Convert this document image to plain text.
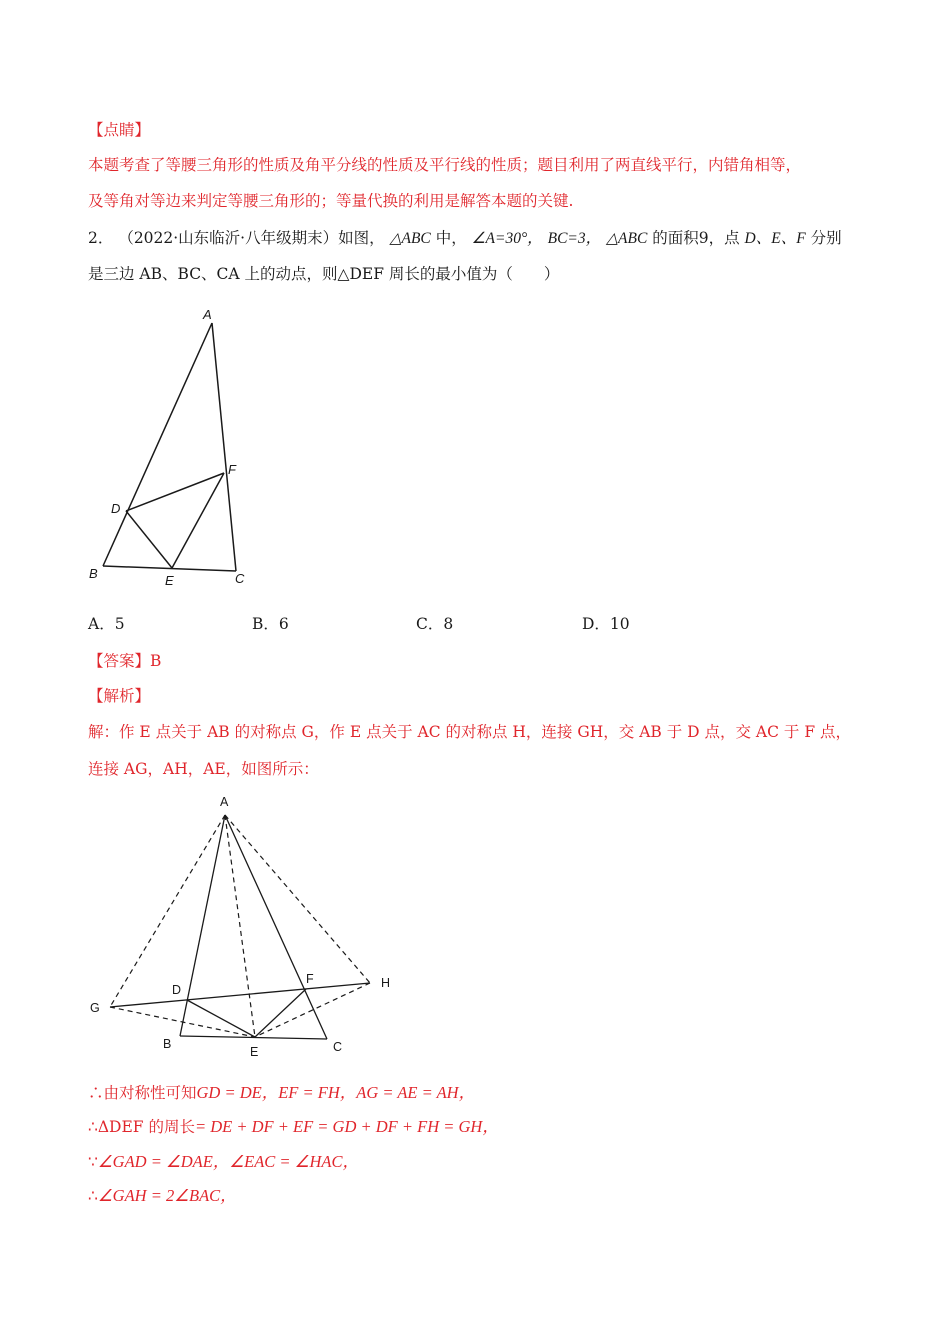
【点睛】
本题考查了等腰三角形的性质及角平分线的性质及平行线的性质；题目利用了两直线平行，内错角相等，
及等角对等边来判定等腰三角形的；等量代换的利用是解答本题的关键.
2． （2022·山东临沂·八年级期末）如图， △ABC 中， ∠A=30°， BC=3， △ABC 的面积9，点 D、E、F 分别
是三边 AB、BC、CA 上的动点，则△DEF 周长的最小值为（　　）
A
B	C
D
E
F
A．5	B．6	C．8	D．10
【答案】B
【解析】
解：作 E 点关于 AB 的对称点 G，作 E 点关于 AC 的对称点 H，连接 GH，交 AB 于 D 点，交 AC 于 F 点，
连接 AG，AH，AE，如图所示：
A
B	C
D
E
F
G
H
∴由对称性可知GD = DE，EF = FH，AG = AE = AH，
∴ΔDEF 的周长= DE + DF + EF = GD + DF + FH = GH，
∵∠GAD = ∠DAE，∠EAC = ∠HAC，
∴∠GAH = 2∠BAC，
